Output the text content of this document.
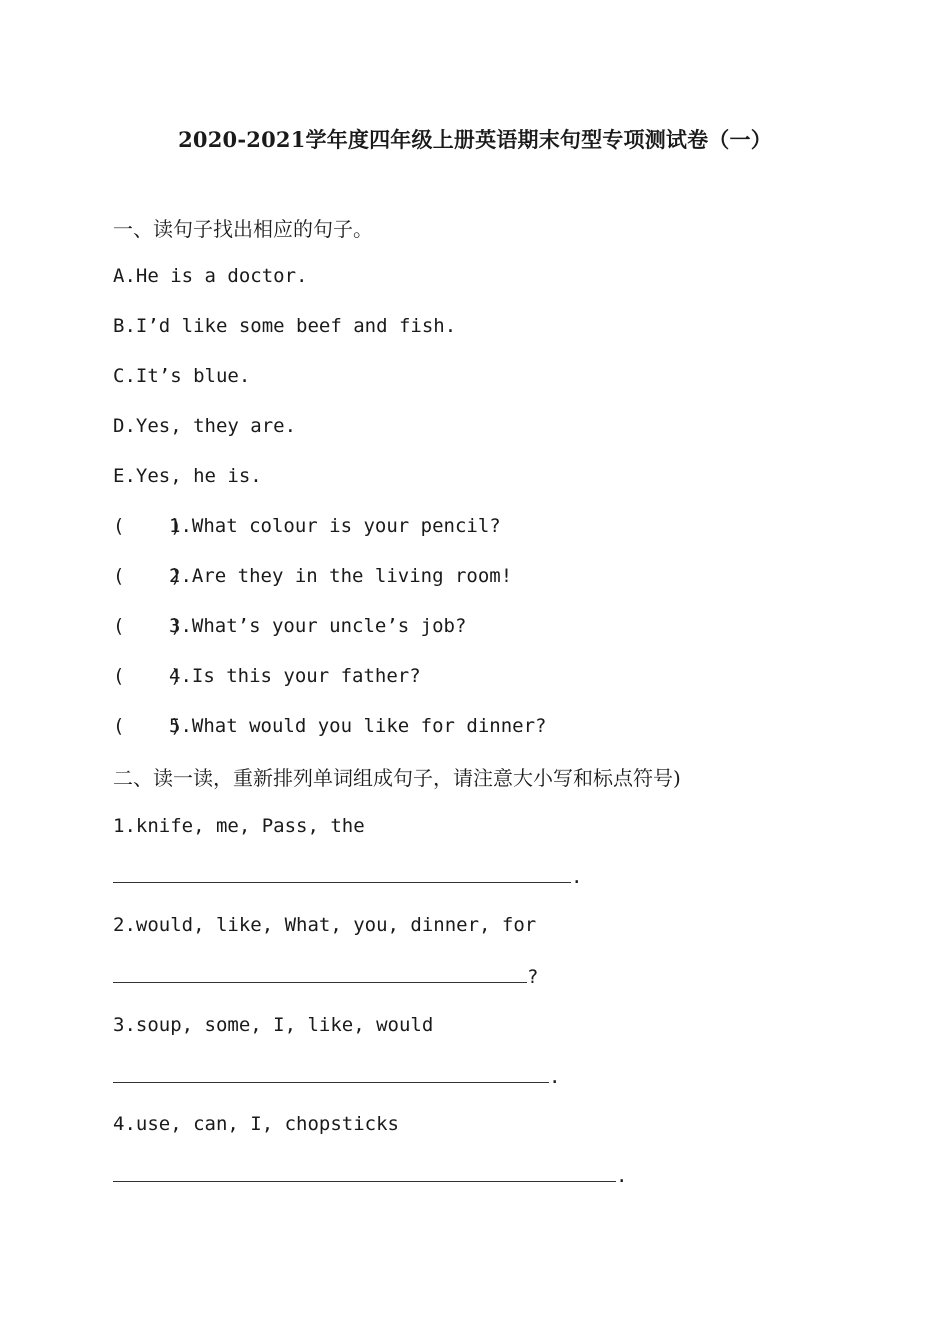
2020-2021学年度四年级上册英语期末句型专项测试卷（一）
一、读句子找出相应的句子。
A.He is a doctor.
B.I’d like some beef and fish.
C.It’s blue.
D.Yes, they are.
E.Yes, he is.
(    )1.What colour is your pencil?
(    )2.Are they in the living room!
(    )3.What’s your uncle’s job?
(    )4.Is this your father?
(    )5.What would you like for dinner?
二、读一读，重新排列单词组成句子，请注意大小写和标点符号)
1.knife, me, Pass, the
.
2.would, like, What, you, dinner, for
?
3.soup, some, I, like, would
.
4.use, can, I, chopsticks
.
